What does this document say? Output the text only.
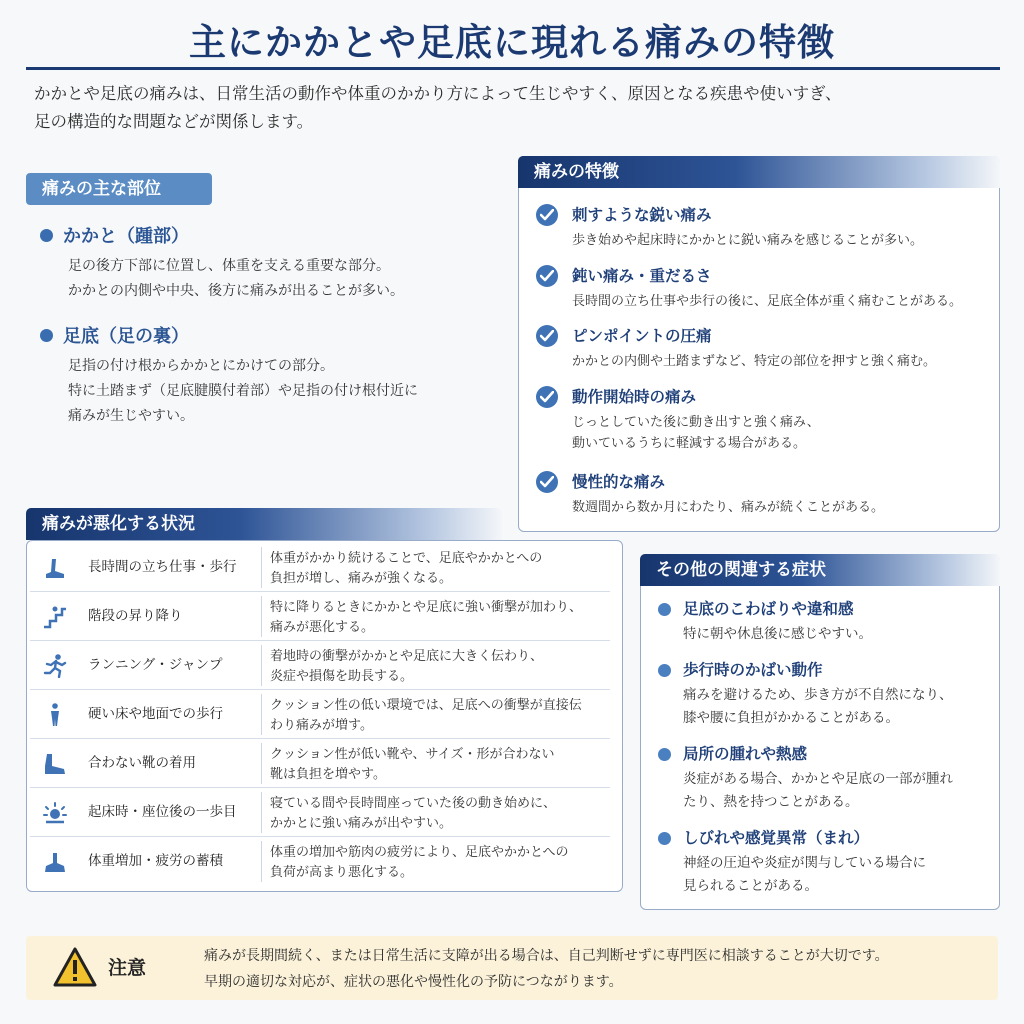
主にかかとや足底に現れる痛みの特徴
かかとや足底の痛みは、日常生活の動作や体重のかかり方によって生じやすく、原因となる疾患や使いすぎ、
足の構造的な問題などが関係します。
痛みの主な部位
かかと（踵部）
足の後方下部に位置し、体重を支える重要な部分。
かかとの内側や中央、後方に痛みが出ることが多い。
足底（足の裏）
足指の付け根からかかとにかけての部分。
特に土踏まず（足底腱膜付着部）や足指の付け根付近に
痛みが生じやすい。
痛みの特徴
刺すような鋭い痛み
歩き始めや起床時にかかとに鋭い痛みを感じることが多い。
鈍い痛み・重だるさ
長時間の立ち仕事や歩行の後に、足底全体が重く痛むことがある。
ピンポイントの圧痛
かかとの内側や土踏まずなど、特定の部位を押すと強く痛む。
動作開始時の痛み
じっとしていた後に動き出すと強く痛み、
動いているうちに軽減する場合がある。
慢性的な痛み
数週間から数か月にわたり、痛みが続くことがある。
痛みが悪化する状況
長時間の立ち仕事・歩行
体重がかかり続けることで、足底やかかとへの
負担が増し、痛みが強くなる。
階段の昇り降り
特に降りるときにかかとや足底に強い衝撃が加わり、
痛みが悪化する。
ランニング・ジャンプ
着地時の衝撃がかかとや足底に大きく伝わり、
炎症や損傷を助長する。
硬い床や地面での歩行
クッション性の低い環境では、足底への衝撃が直接伝
わり痛みが増す。
合わない靴の着用
クッション性が低い靴や、サイズ・形が合わない
靴は負担を増やす。
起床時・座位後の一歩目
寝ている間や長時間座っていた後の動き始めに、
かかとに強い痛みが出やすい。
体重増加・疲労の蓄積
体重の増加や筋肉の疲労により、足底やかかとへの
負荷が高まり悪化する。
その他の関連する症状
足底のこわばりや違和感
特に朝や休息後に感じやすい。
歩行時のかばい動作
痛みを避けるため、歩き方が不自然になり、
膝や腰に負担がかかることがある。
局所の腫れや熱感
炎症がある場合、かかとや足底の一部が腫れ
たり、熱を持つことがある。
しびれや感覚異常（まれ）
神経の圧迫や炎症が関与している場合に
見られることがある。
注意
痛みが長期間続く、または日常生活に支障が出る場合は、自己判断せずに専門医に相談することが大切です。
早期の適切な対応が、症状の悪化や慢性化の予防につながります。
